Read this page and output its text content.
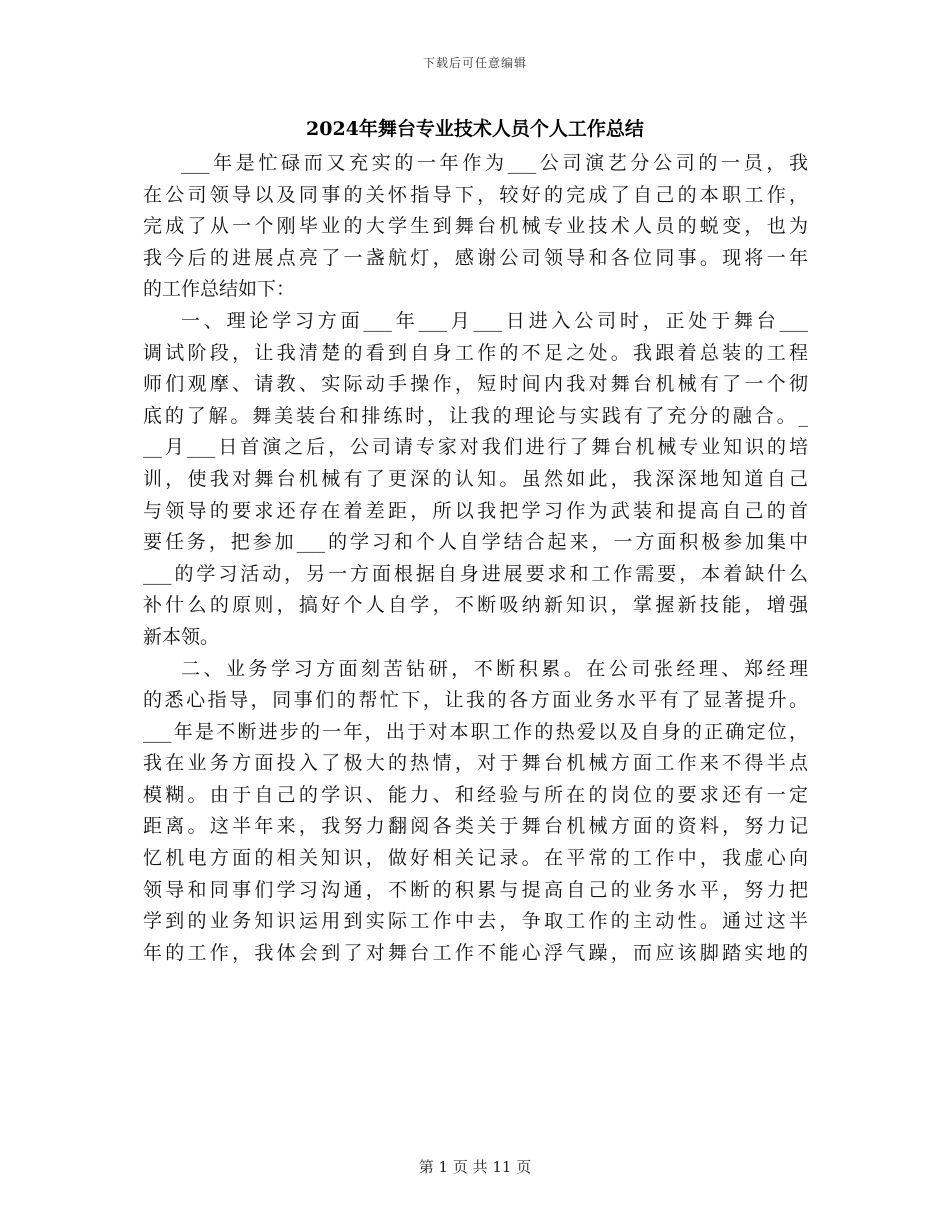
下载后可任意编辑
2024年舞台专业技术人员个人工作总结
___年是忙碌而又充实的一年作为___公司演艺分公司的一员，我
在公司领导以及同事的关怀指导下，较好的完成了自己的本职工作，
完成了从一个刚毕业的大学生到舞台机械专业技术人员的蜕变，也为
我今后的进展点亮了一盏航灯，感谢公司领导和各位同事。现将一年
的工作总结如下：
一、理论学习方面___年___月___日进入公司时，正处于舞台___
调试阶段，让我清楚的看到自身工作的不足之处。我跟着总装的工程
师们观摩、请教、实际动手操作，短时间内我对舞台机械有了一个彻
底的了解。舞美装台和排练时，让我的理论与实践有了充分的融合。_
__月___日首演之后，公司请专家对我们进行了舞台机械专业知识的培
训，使我对舞台机械有了更深的认知。虽然如此，我深深地知道自己
与领导的要求还存在着差距，所以我把学习作为武装和提高自己的首
要任务，把参加___的学习和个人自学结合起来，一方面积极参加集中
___的学习活动，另一方面根据自身进展要求和工作需要，本着缺什么
补什么的原则，搞好个人自学，不断吸纳新知识，掌握新技能，增强
新本领。
二、业务学习方面刻苦钻研，不断积累。在公司张经理、郑经理
的悉心指导，同事们的帮忙下，让我的各方面业务水平有了显著提升。
___年是不断进步的一年，出于对本职工作的热爱以及自身的正确定位，
我在业务方面投入了极大的热情，对于舞台机械方面工作来不得半点
模糊。由于自己的学识、能力、和经验与所在的岗位的要求还有一定
距离。这半年来，我努力翻阅各类关于舞台机械方面的资料，努力记
忆机电方面的相关知识，做好相关记录。在平常的工作中，我虚心向
领导和同事们学习沟通，不断的积累与提高自己的业务水平，努力把
学到的业务知识运用到实际工作中去，争取工作的主动性。通过这半
年的工作，我体会到了对舞台工作不能心浮气躁，而应该脚踏实地的
第 1 页 共 11 页
